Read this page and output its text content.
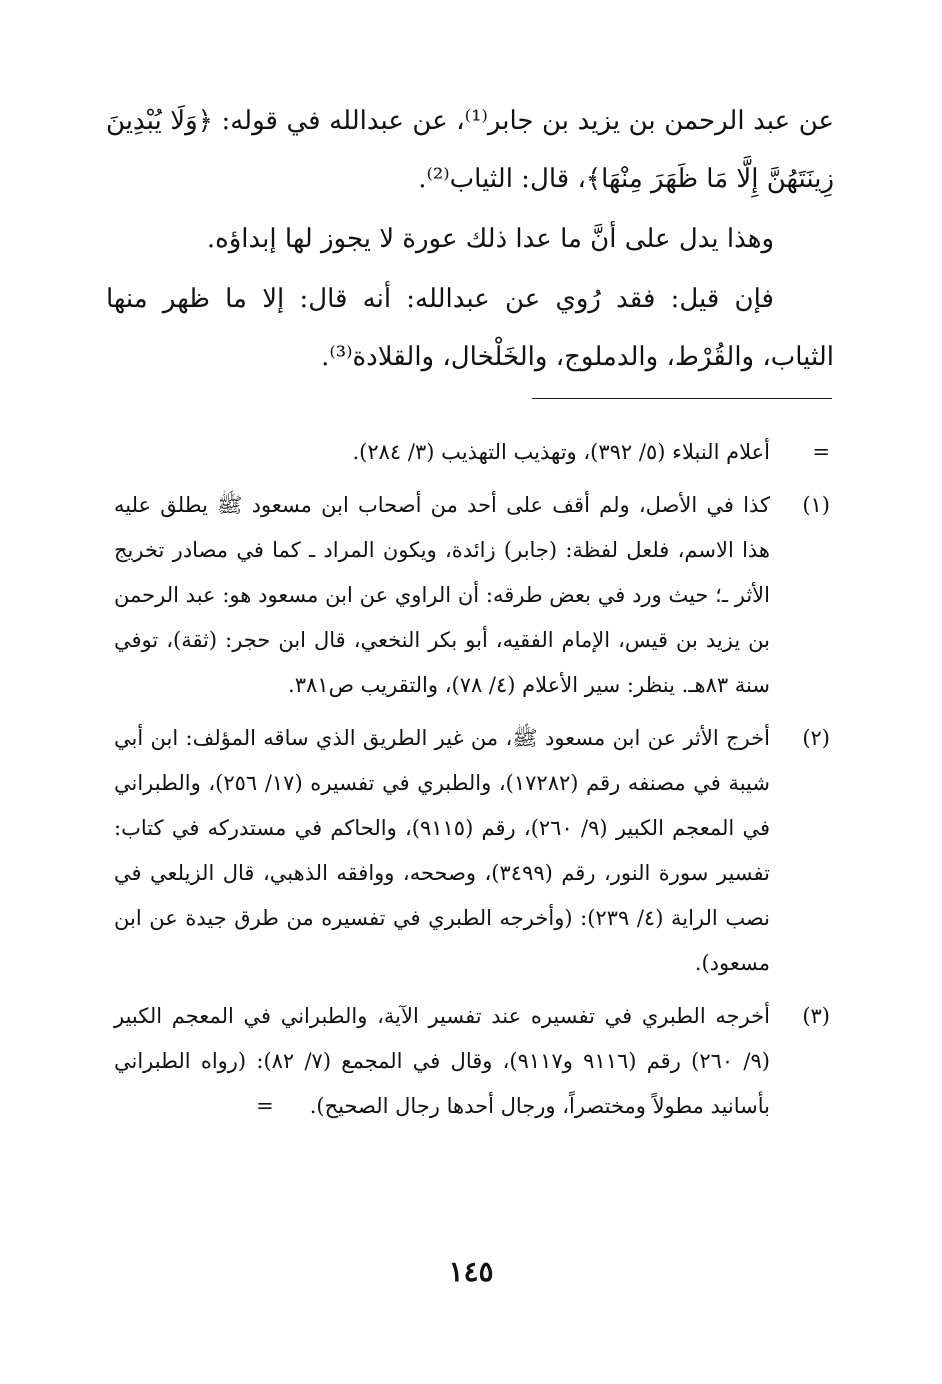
عن عبد الرحمن بن يزيد بن جابر⁽¹⁾، عن عبدالله في قوله: ﴿وَلَا يُبْدِينَ زِينَتَهُنَّ إِلَّا مَا ظَهَرَ مِنْهَا﴾، قال: الثياب⁽²⁾.

وهذا يدل على أنَّ ما عدا ذلك عورة لا يجوز لها إبداؤه.

فإن قيل: فقد رُوي عن عبدالله: أنه قال: إلا ما ظهر منها الثياب، والقُرْط، والدملوج، والخَلْخال، والقلادة⁽³⁾.

=
أعلام النبلاء (٥/ ٣٩٢)، وتهذيب التهذيب (٣/ ٢٨٤).
(١)
كذا في الأصل، ولم أقف على أحد من أصحاب ابن مسعود ﷺ يطلق عليه هذا الاسم، فلعل لفظة: (جابر) زائدة، ويكون المراد ـ كما في مصادر تخريج الأثر ـ؛ حيث ورد في بعض طرقه: أن الراوي عن ابن مسعود هو: عبد الرحمن بن يزيد بن قيس، الإمام الفقيه، أبو بكر النخعي، قال ابن حجر: (ثقة)، توفي سنة ٨٣هـ. ينظر: سير الأعلام (٤/ ٧٨)، والتقريب ص٣٨١.
(٢)
أخرج الأثر عن ابن مسعود ﷺ، من غير الطريق الذي ساقه المؤلف: ابن أبي شيبة في مصنفه رقم (١٧٢٨٢)، والطبري في تفسيره (١٧/ ٢٥٦)، والطبراني في المعجم الكبير (٩/ ٢٦٠)، رقم (٩١١٥)، والحاكم في مستدركه في كتاب: تفسير سورة النور، رقم (٣٤٩٩)، وصححه، ووافقه الذهبي، قال الزيلعي في نصب الراية (٤/ ٢٣٩): (وأخرجه الطبري في تفسيره من طرق جيدة عن ابن مسعود).
(٣)
أخرجه الطبري في تفسيره عند تفسير الآية، والطبراني في المعجم الكبير (٩/ ٢٦٠) رقم (٩١١٦ و٩١١٧)، وقال في المجمع (٧/ ٨٢): (رواه الطبراني بأسانيد مطولاً ومختصراً، ورجال أحدها رجال الصحيح).=
١٤٥
